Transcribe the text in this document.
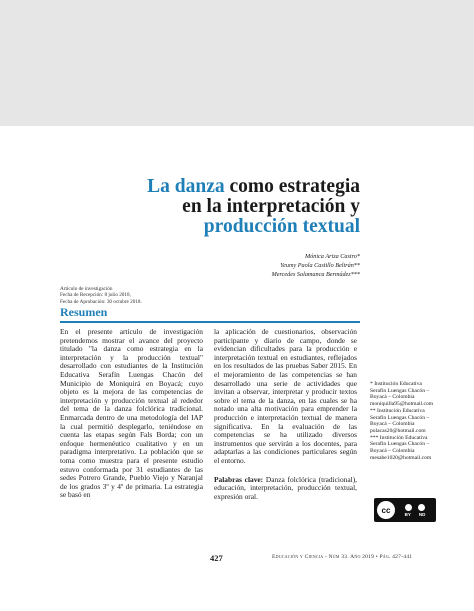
La danza como estrategia
en la interpretación y
producción textual
Mónica Ariza Castro*
Yeumy Paola Castillo Beltrán**
Mercedes Salamanca Bermúdez***
Artículo de investigación
Fecha de Recepción: 8 julio 2018,
Fecha de Aprobación: 30 octubre 2018.
Resumen

En el presente artículo de investigación pretendemos mostrar el avance del proyecto titulado "la danza como estrategia en la interpretación y la producción textual" desarrollado con estudiantes de la Institución Educativa Serafín Luengas Chacón del Municipio de Moniquirá en Boyacá; cuyo objeto es la mejora de las competencias de interpretación y producción textual al rededor del tema de la danza folclórica tradicional. Enmarcada dentro de una metodología del IAP la cual permitió desplegarlo, teniéndose en cuenta las etapas según Fals Borda; con un enfoque hermenéutico cualitativo y en un paradigma interpretativo. La población que se toma como muestra para el presente estudio estuvo conformada por 31 estudiantes de las sedes Potrero Grande, Pueblo Viejo y Naranjal de los grados 3º y 4º de primaria. La estrategia se basó en

la aplicación de cuestionarios, observación participante y diario de campo, donde se evidencian dificultades para la producción e interpretación textual en estudiantes, reflejados en los resultados de las pruebas Saber 2015. En el mejoramiento de las competencias se han desarrollado una serie de actividades que invitan a observar, interpretar y producir textos sobre el tema de la danza, en las cuales se ha notado una alta motivación para emprender la producción e interpretación textual de manera significativa. En la evaluación de las competencias se ha utilizado diversos instrumentos que servirán a los docentes, para adaptarlas a las condiciones particulares según el entorno.

Palabras clave: Danza folclórica (tradicional), educación, interpretación, producción textual, expresión oral.

* Institución Educativa
Serafín Luengas Chacón –
Boyacá – Colombia
moniquilla95@hotmail.com
** Institución Educativa
Serafín Luengas Chacón –
Boyacá – Colombia
polacas20@hotmail.com
*** Institución Educativa
Serafín Luengas Chacón –
Boyacá – Colombia
mesabe1020@hotmail.com
cc	BY ND
427	Educación y Ciencia - Núm 33. Año 2019 • Pág. 427-441
